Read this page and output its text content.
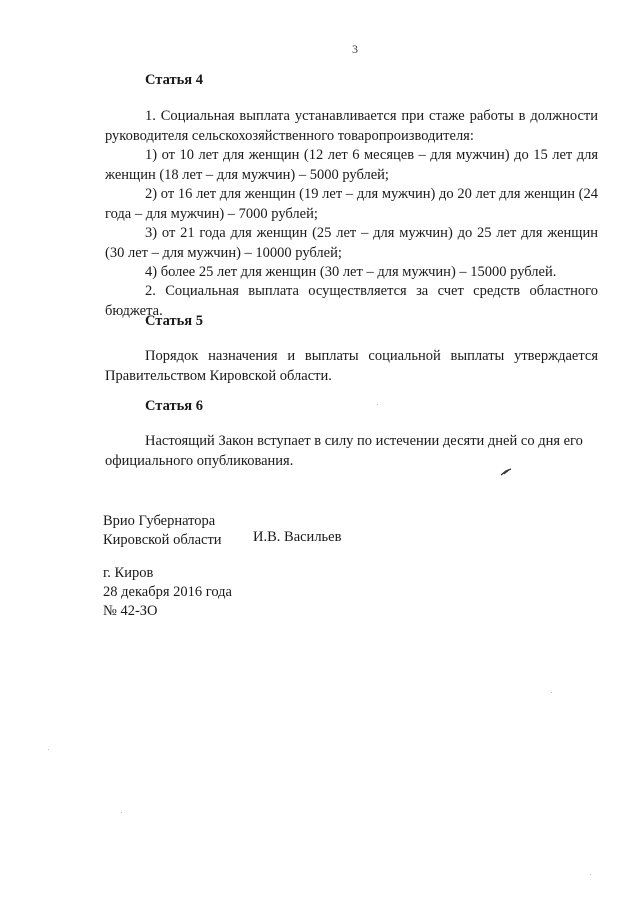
3
Статья 4

1. Социальная выплата устанавливается при стаже работы в должности руководителя сельскохозяйственного товаропроизводителя:

1) от 10 лет для женщин (12 лет 6 месяцев – для мужчин) до 15 лет для женщин (18 лет – для мужчин) – 5000 рублей;

2) от 16 лет для женщин (19 лет – для мужчин) до 20 лет для женщин (24 года – для мужчин) – 7000 рублей;

3) от 21 года для женщин (25 лет – для мужчин) до 25 лет для женщин (30 лет – для мужчин) – 10000 рублей;

4) более 25 лет для женщин (30 лет – для мужчин) – 15000 рублей.

2. Социальная выплата осуществляется за счет средств областного бюджета.

Статья 5

Порядок назначения и выплаты социальной выплаты утверждается Правительством Кировской области.

Статья 6

Настоящий Закон вступает в силу по истечении десяти дней со дня его официального опубликования.

Врио Губернатора
Кировской области И.В. Васильев
г. Киров
28 декабря 2016 года
№ 42-ЗО
